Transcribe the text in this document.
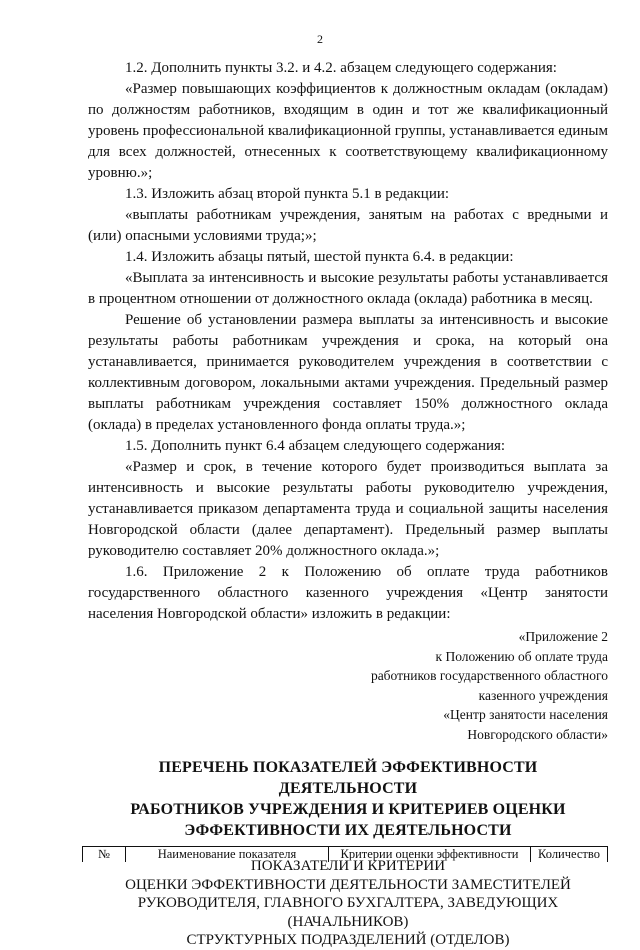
2

1.2. Дополнить пункты 3.2. и 4.2. абзацем следующего содержания:

«Размер повышающих коэффициентов к должностным окладам (окладам) по должностям работников, входящим в один и тот же квалификационный уровень профессиональной квалификационной группы, устанавливается единым для всех должностей, отнесенных к соответствующему квалификационному уровню.»;

1.3. Изложить абзац второй пункта 5.1 в редакции:

«выплаты работникам учреждения, занятым на работах с вредными и (или) опасными условиями труда;»;

1.4. Изложить абзацы пятый, шестой пункта 6.4. в редакции:

«Выплата за интенсивность и высокие результаты работы устанавливается в процентном отношении от должностного оклада (оклада) работника в месяц.

Решение об установлении размера выплаты за интенсивность и высокие результаты работы работникам учреждения и срока, на который она устанавливается, принимается руководителем учреждения в соответствии с коллективным договором, локальными актами учреждения. Предельный размер выплаты работникам учреждения составляет 150% должностного оклада (оклада) в пределах установленного фонда оплаты труда.»;

1.5. Дополнить пункт 6.4 абзацем следующего содержания:

«Размер и срок, в течение которого будет производиться выплата за интенсивность и высокие результаты работы руководителю учреждения, устанавливается приказом департамента труда и социальной защиты населения Новгородской области (далее департамент). Предельный размер выплаты руководителю составляет 20% должностного оклада.»;

1.6. Приложение 2 к Положению об оплате труда работников государственного областного казенного учреждения «Центр занятости населения Новгородской области» изложить в редакции:

«Приложение 2
к Положению об оплате труда
работников государственного областного
казенного учреждения
«Центр занятости населения
Новгородского области»
ПЕРЕЧЕНЬ ПОКАЗАТЕЛЕЙ ЭФФЕКТИВНОСТИ ДЕЯТЕЛЬНОСТИ
РАБОТНИКОВ УЧРЕЖДЕНИЯ И КРИТЕРИЕВ ОЦЕНКИ
ЭФФЕКТИВНОСТИ ИХ ДЕЯТЕЛЬНОСТИ
ПОКАЗАТЕЛИ И КРИТЕРИИ
ОЦЕНКИ ЭФФЕКТИВНОСТИ ДЕЯТЕЛЬНОСТИ ЗАМЕСТИТЕЛЕЙ
РУКОВОДИТЕЛЯ, ГЛАВНОГО БУХГАЛТЕРА, ЗАВЕДУЮЩИХ (НАЧАЛЬНИКОВ)
СТРУКТУРНЫХ ПОДРАЗДЕЛЕНИЙ (ОТДЕЛОВ)
№	Наименование показателя	Критерии оценки эффективности	Количество
